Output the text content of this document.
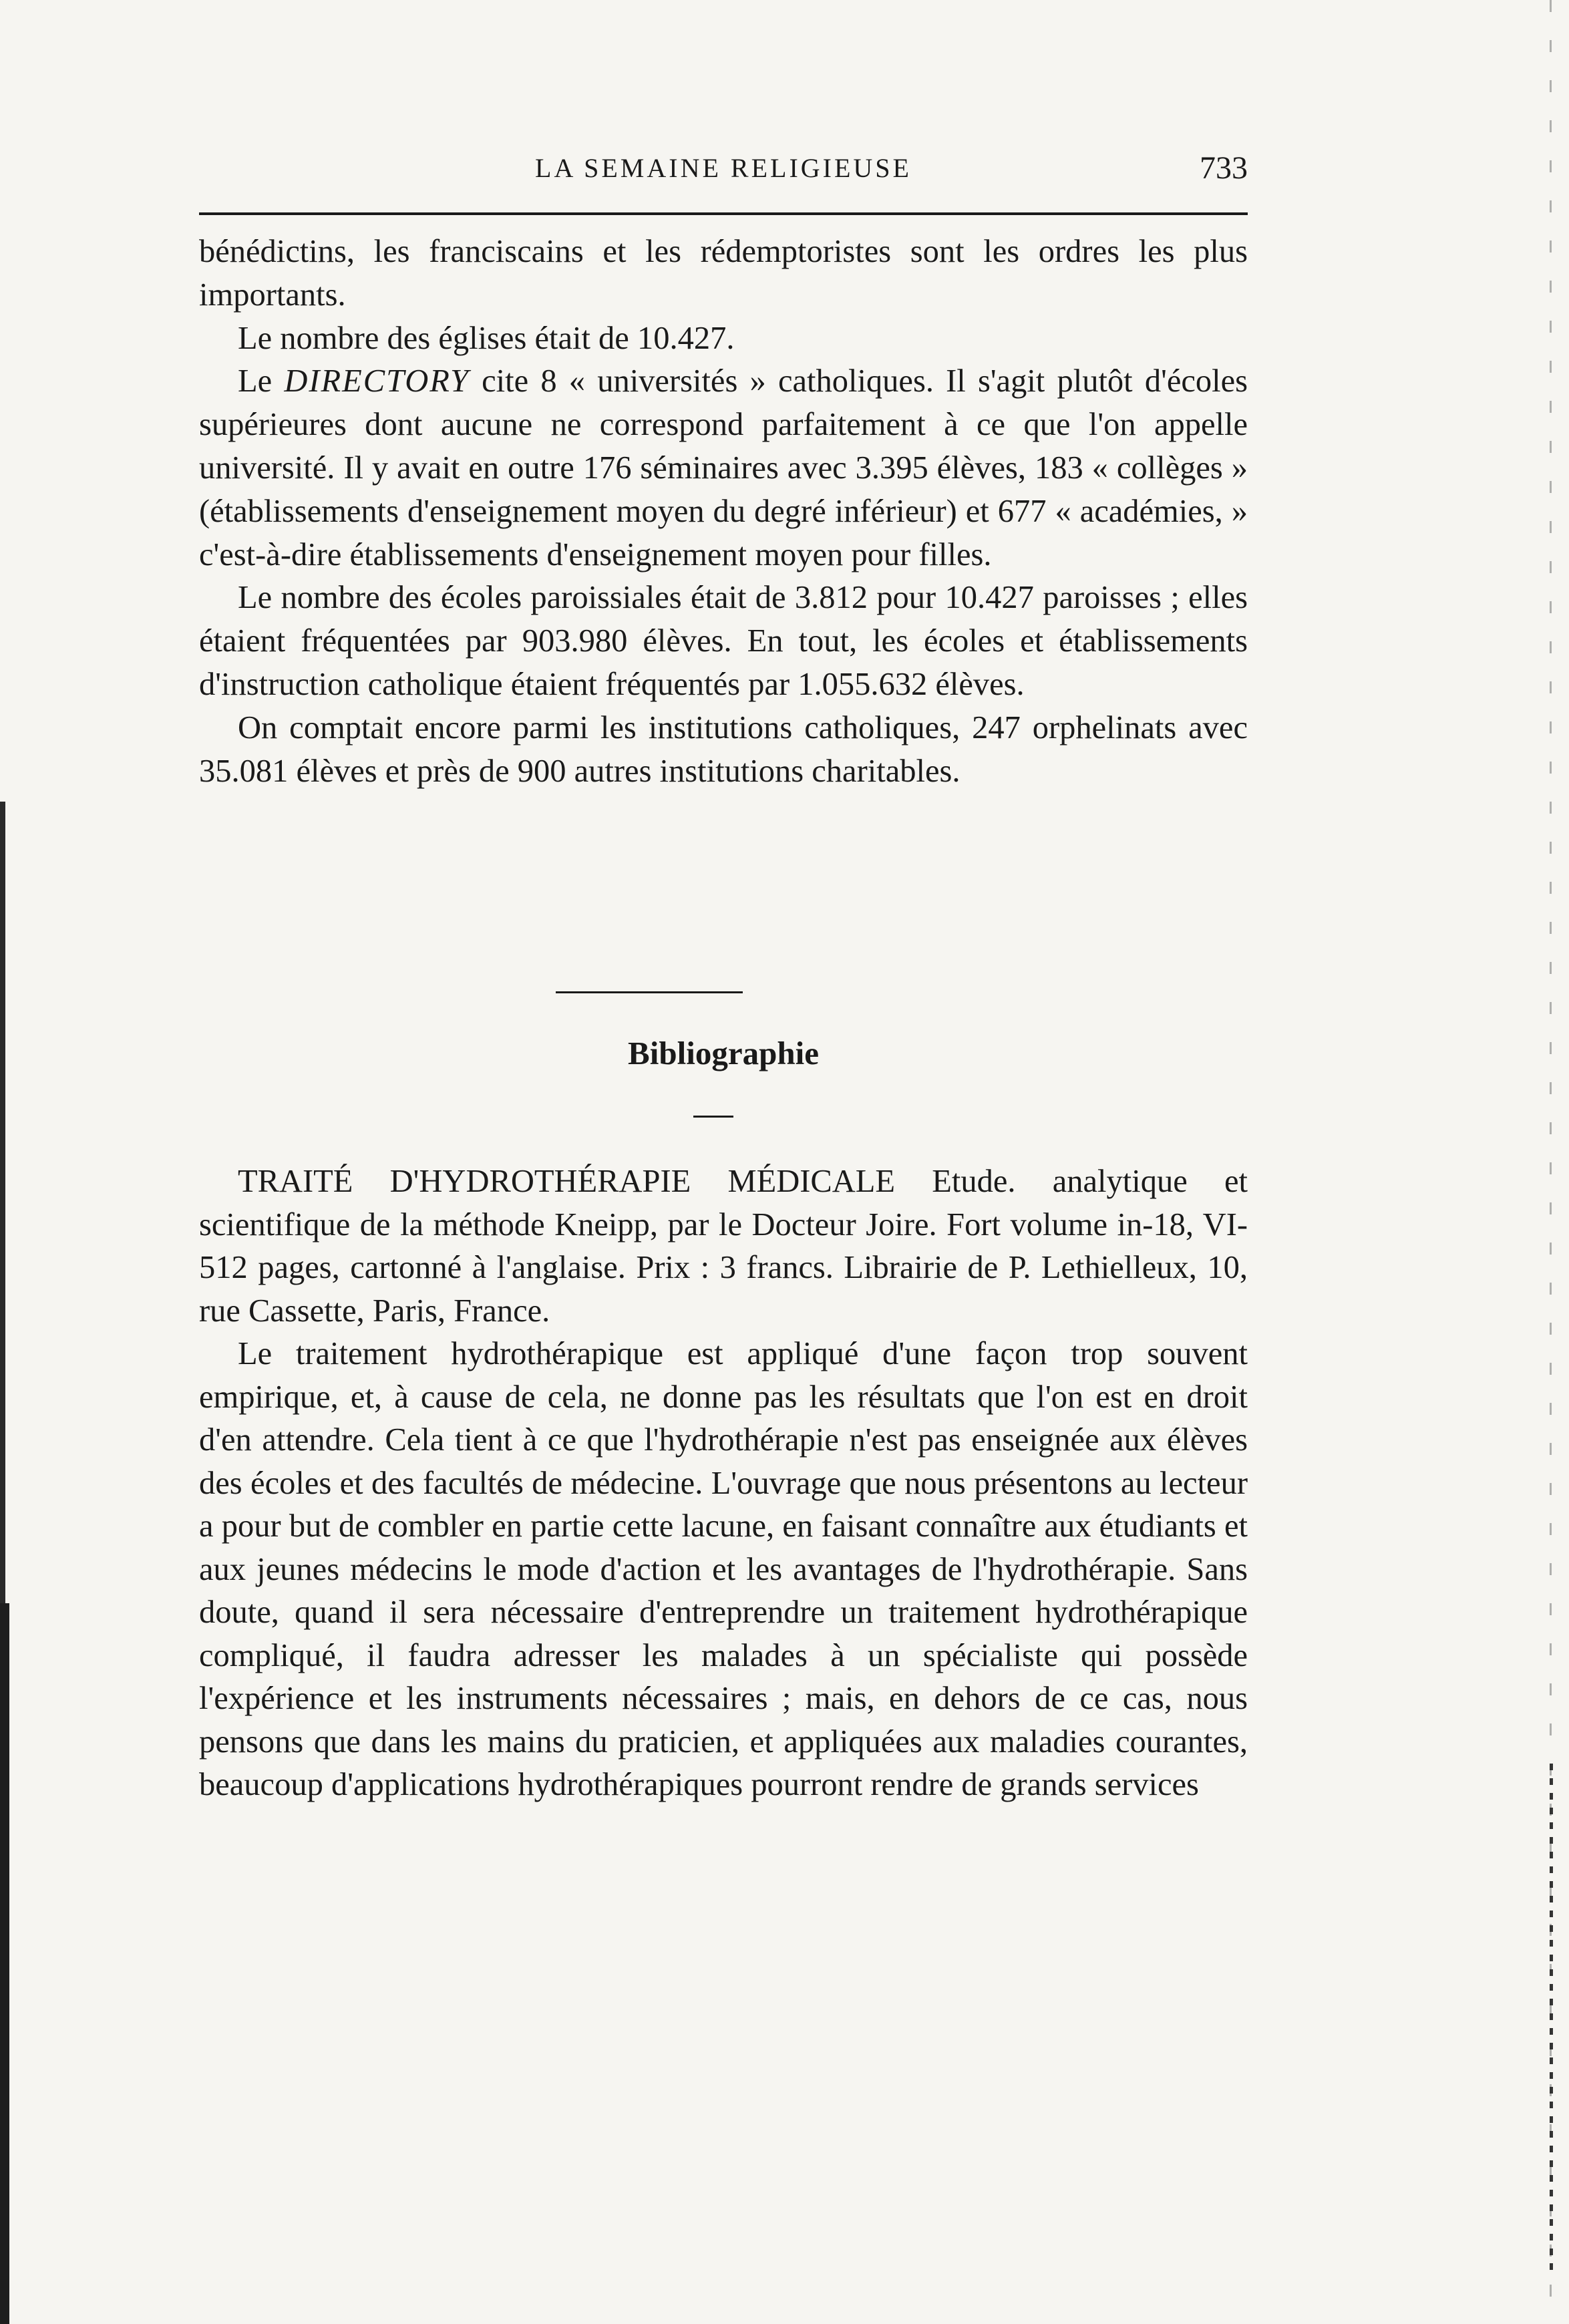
LA SEMAINE RELIGIEUSE	733

bénédictins, les franciscains et les rédemptoristes sont les ordres les plus importants.

Le nombre des églises était de 10.427.

Le DIRECTORY cite 8 « universités » catholiques. Il s'agit plutôt d'écoles supérieures dont aucune ne correspond parfaitement à ce que l'on appelle université. Il y avait en outre 176 séminaires avec 3.395 élèves, 183 « collèges » (établissements d'enseignement moyen du degré inférieur) et 677 « académies, » c'est-à-dire établissements d'enseignement moyen pour filles.

Le nombre des écoles paroissiales était de 3.812 pour 10.427 paroisses ; elles étaient fréquentées par 903.980 élèves. En tout, les écoles et établissements d'instruction catholique étaient fréquentés par 1.055.632 élèves.

On comptait encore parmi les institutions catholiques, 247 orphelinats avec 35.081 élèves et près de 900 autres institutions charitables.

Bibliographie

TRAITÉ D'HYDROTHÉRAPIE MÉDICALE Etude. analytique et scientifique de la méthode Kneipp, par le Docteur Joire. Fort volume in-18, VI-512 pages, cartonné à l'anglaise. Prix : 3 francs. Librairie de P. Lethielleux, 10, rue Cassette, Paris, France.

Le traitement hydrothérapique est appliqué d'une façon trop souvent empirique, et, à cause de cela, ne donne pas les résultats que l'on est en droit d'en attendre. Cela tient à ce que l'hydrothérapie n'est pas enseignée aux élèves des écoles et des facultés de médecine. L'ouvrage que nous présentons au lecteur a pour but de combler en partie cette lacune, en faisant connaître aux étudiants et aux jeunes médecins le mode d'action et les avantages de l'hydrothérapie. Sans doute, quand il sera nécessaire d'entreprendre un traitement hydrothérapique compliqué, il faudra adresser les malades à un spécialiste qui possède l'expérience et les instruments nécessaires ; mais, en dehors de ce cas, nous pensons que dans les mains du praticien, et appliquées aux maladies courantes, beaucoup d'applications hydrothérapiques pourront rendre de grands services
